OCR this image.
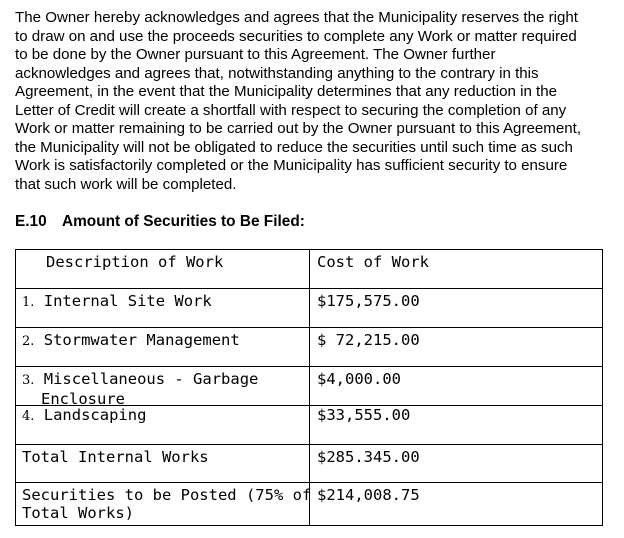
The Owner hereby acknowledges and agrees that the Municipality reserves the right
to draw on and use the proceeds securities to complete any Work or matter required
to be done by the Owner pursuant to this Agreement. The Owner further
acknowledges and agrees that, notwithstanding anything to the contrary in this
Agreement, in the event that the Municipality determines that any reduction in the
Letter of Credit will create a shortfall with respect to securing the completion of any
Work or matter remaining to be carried out by the Owner pursuant to this Agreement,
the Municipality will not be obligated to reduce the securities until such time as such
Work is satisfactorily completed or the Municipality has sufficient security to ensure
that such work will be completed.
E.10 Amount of Securities to Be Filed:
Description of Work	Cost of Work

1. Internal Site Work	$175,575.00

2. Stormwater Management	$ 72,215.00

3. Miscellaneous - Garbage
Enclosure	$4,000.00

4. Landscaping	$33,555.00

Total Internal Works	$285.345.00

Securities to be Posted (75% of
Total Works)	$214,008.75
